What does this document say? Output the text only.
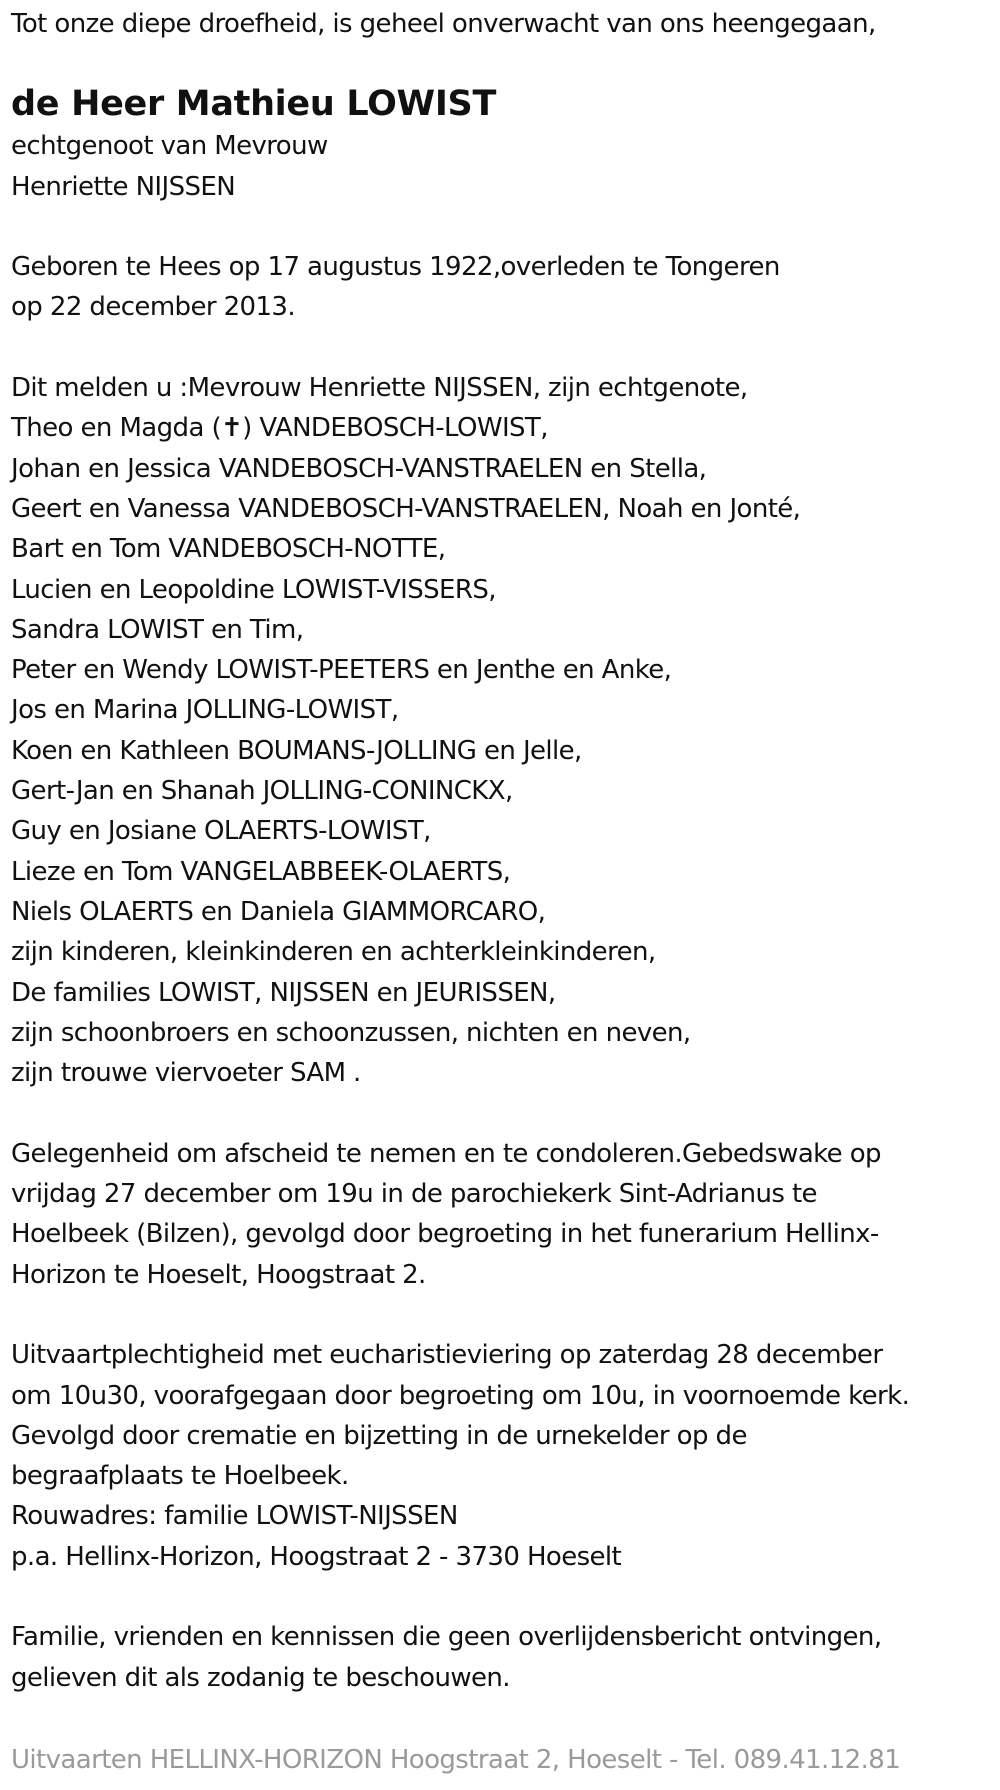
Tot onze diepe droefheid, is geheel onverwacht van ons heengegaan,
de Heer Mathieu LOWIST
echtgenoot van Mevrouw
Henriette NIJSSEN
Geboren te Hees op 17 augustus 1922,overleden te Tongeren
op 22 december 2013.
Dit melden u :Mevrouw Henriette NIJSSEN, zijn echtgenote,
Theo en Magda (✝) VANDEBOSCH-LOWIST,
Johan en Jessica VANDEBOSCH-VANSTRAELEN en Stella,
Geert en Vanessa VANDEBOSCH-VANSTRAELEN, Noah en Jonté,
Bart en Tom VANDEBOSCH-NOTTE,
Lucien en Leopoldine LOWIST-VISSERS,
Sandra LOWIST en Tim,
Peter en Wendy LOWIST-PEETERS en Jenthe en Anke,
Jos en Marina JOLLING-LOWIST,
Koen en Kathleen BOUMANS-JOLLING en Jelle,
Gert-Jan en Shanah JOLLING-CONINCKX,
Guy en Josiane OLAERTS-LOWIST,
Lieze en Tom VANGELABBEEK-OLAERTS,
Niels OLAERTS en Daniela GIAMMORCARO,
zijn kinderen, kleinkinderen en achterkleinkinderen,
De families LOWIST, NIJSSEN en JEURISSEN,
zijn schoonbroers en schoonzussen, nichten en neven,
zijn trouwe viervoeter SAM .
Gelegenheid om afscheid te nemen en te condoleren.Gebedswake op
vrijdag 27 december om 19u in de parochiekerk Sint-Adrianus te
Hoelbeek (Bilzen), gevolgd door begroeting in het funerarium Hellinx-
Horizon te Hoeselt, Hoogstraat 2.
Uitvaartplechtigheid met eucharistieviering op zaterdag 28 december
om 10u30, voorafgegaan door begroeting om 10u, in voornoemde kerk.
Gevolgd door crematie en bijzetting in de urnekelder op de
begraafplaats te Hoelbeek.
Rouwadres: familie LOWIST-NIJSSEN
p.a. Hellinx-Horizon, Hoogstraat 2 - 3730 Hoeselt
Familie, vrienden en kennissen die geen overlijdensbericht ontvingen,
gelieven dit als zodanig te beschouwen.
Uitvaarten HELLINX-HORIZON Hoogstraat 2, Hoeselt - Tel. 089.41.12.81
